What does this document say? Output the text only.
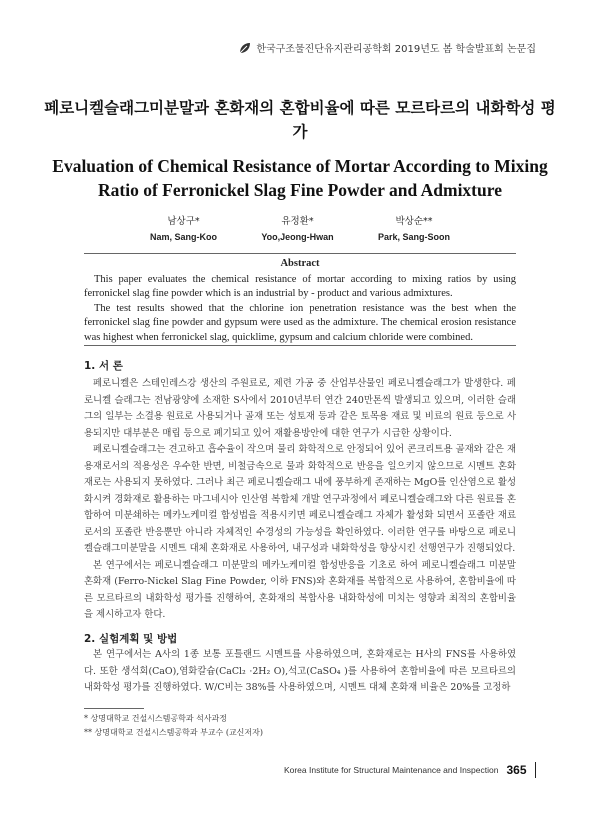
한국구조물진단유지관리공학회 2019년도 봄 학술발표회 논문집
페로니켈슬래그미분말과 혼화재의 혼합비율에 따른 모르타르의 내화학성 평가
Evaluation of Chemical Resistance of Mortar According to Mixing Ratio of Ferronickel Slag Fine Powder and Admixture
남상구*
Nam, Sang-Koo
유정환*
Yoo,Jeong-Hwan
박상순**
Park, Sang-Soon
Abstract

This paper evaluates the chemical resistance of mortar according to mixing ratios by using ferronickel slag fine powder which is an industrial by - product and various admixtures.

The test results showed that the chlorine ion penetration resistance was the best when the ferronickel slag fine powder and gypsum were used as the admixture. The chemical erosion resistance was highest when ferronickel slag, quicklime, gypsum and calcium chloride were combined.

1. 서 론

페로니켈은 스테인레스강 생산의 주원료로, 제련 가공 중 산업부산물인 페로니켈슬래그가 발생한다. 페로니켈 슬래그는 전남광양에 소재한 S사에서 2010년부터 연간 240만톤씩 발생되고 있으며, 이러한 슬래그의 일부는 소결용 원료로 사용되거나 골재 또는 성토재 등과 같은 토목용 재료 및 비료의 원료 등으로 사용되지만 대부분은 매립 등으로 폐기되고 있어 재활용방안에 대한 연구가 시급한 상황이다.

페로니켈슬래그는 견고하고 흡수율이 작으며 물리 화학적으로 안정되어 있어 콘크리트용 골재와 같은 재용재로서의 적용성은 우수한 반면, 비철금속으로 물과 화학적으로 반응을 일으키지 않으므로 시멘트 혼화재로는 사용되지 못하였다. 그러나 최근 페로니켈슬래그 내에 풍부하게 존재하는 MgO를 인산염으로 활성화시켜 경화재로 활용하는 마그네시아 인산염 복합체 개발 연구과정에서 페로니켈슬래그와 다른 원료를 혼합하여 미분쇄하는 메카노케미컬 합성법을 적용시키면 페로니켈슬래그 자체가 활성화 되면서 포졸란 재료로서의 포졸란 반응뿐만 아니라 자체적인 수경성의 가능성을 확인하였다. 이러한 연구를 바탕으로 페로니켈슬래그미분말을 시멘트 대체 혼화재로 사용하여, 내구성과 내화학성을 향상시킨 선행연구가 진행되었다.

본 연구에서는 페로니켈슬래그 미분말의 메카노케미컬 합성반응을 기초로 하여 페로니켈슬래그 미분말 혼화재 (Ferro-Nickel Slag Fine Powder, 이하 FNS)와 혼화재를 복합적으로 사용하여, 혼합비율에 따른 모르타르의 내화학성 평가를 진행하여, 혼화재의 복합사용 내화학성에 미치는 영향과 최적의 혼합비율을 제시하고자 한다.

2. 실험계획 및 방법

본 연구에서는 A사의 1종 보통 포틀랜드 시멘트를 사용하였으며, 혼화재로는 H사의 FNS를 사용하였다. 또한 생석회(CaO),염화칼슘(CaCl₂ ·2H₂ O),석고(CaSO₄ )를 사용하여 혼합비율에 따른 모르타르의 내화학성 평가를 진행하였다. W/C비는 38%를 사용하였으며, 시멘트 대체 혼화재 비율은 20%를 고정하

* 상명대학교 건설시스템공학과 석사과정
** 상명대학교 건설시스템공학과 부교수 (교신저자)
Korea Institute for Structural Maintenance and Inspection 365
